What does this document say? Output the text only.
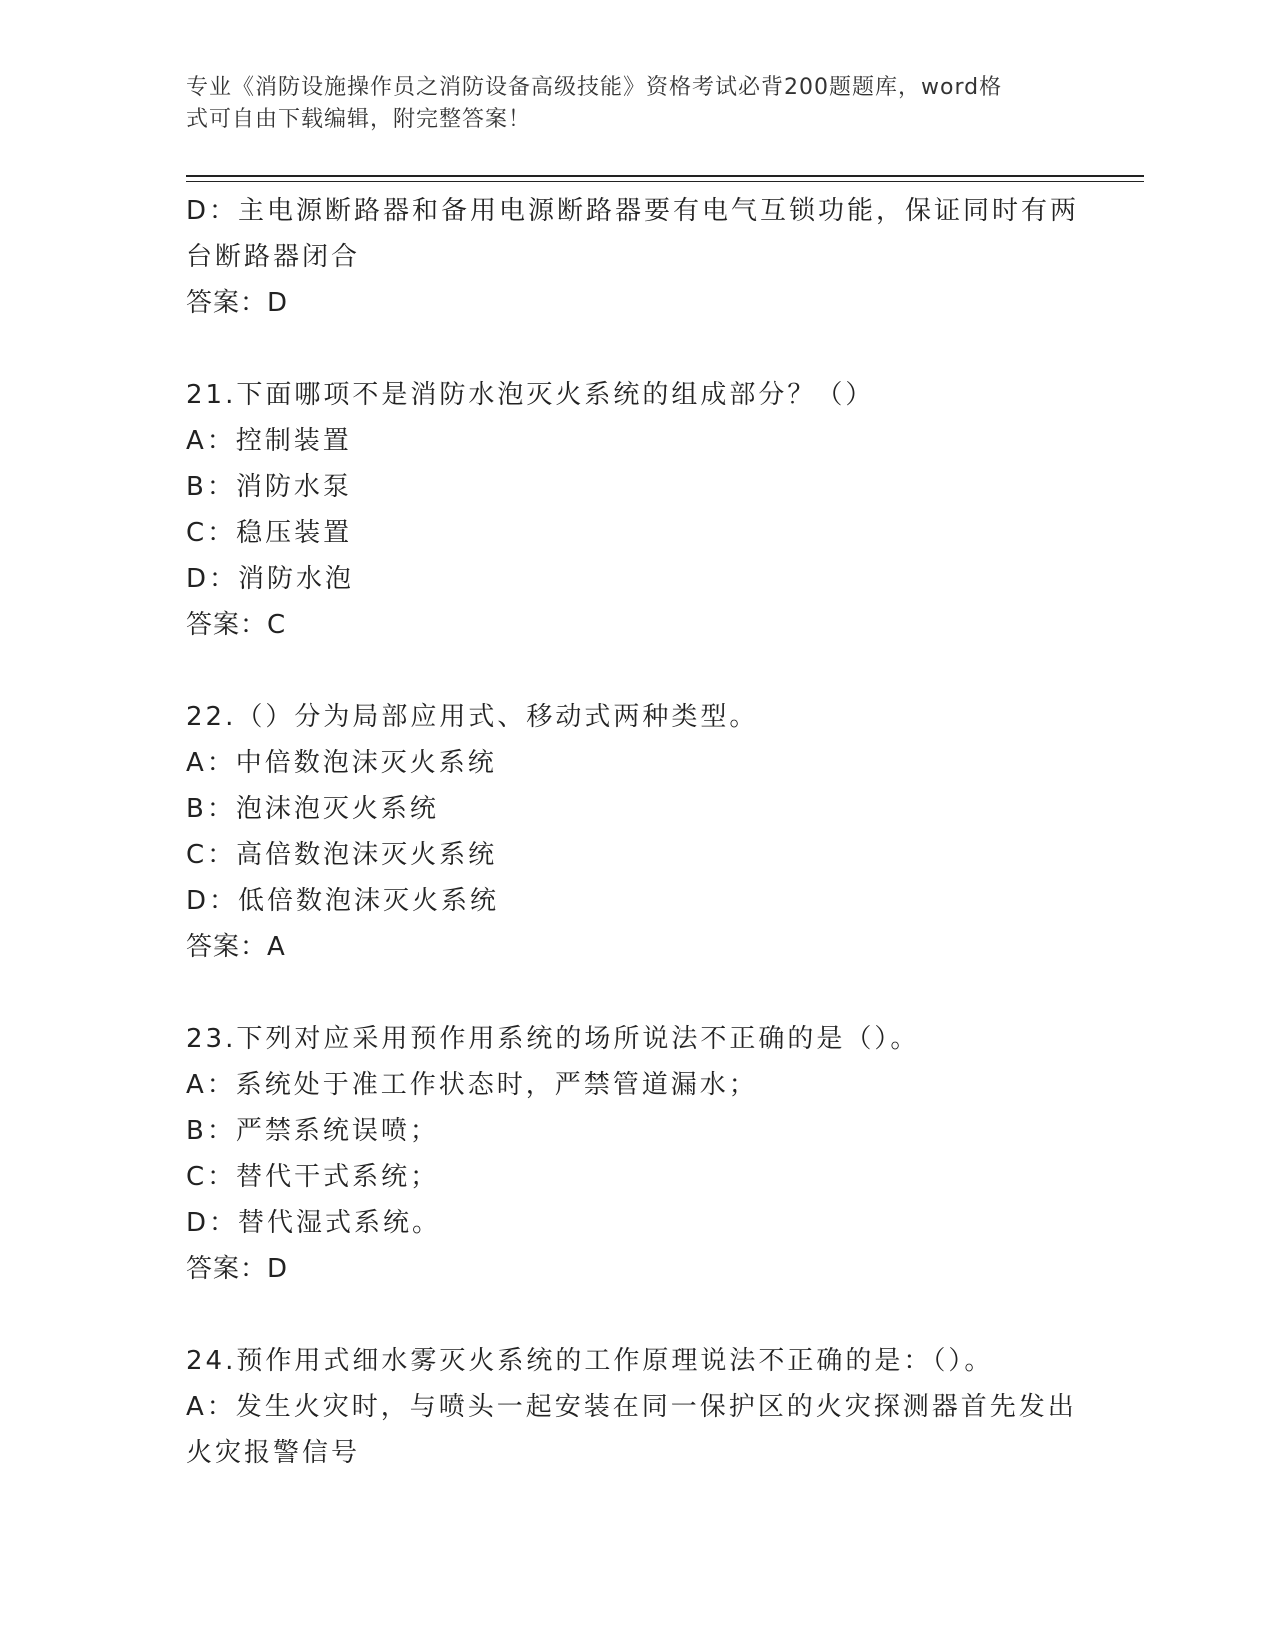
专业《消防设施操作员之消防设备高级技能》资格考试必背200题题库，word格
式可自由下载编辑，附完整答案！
D：主电源断路器和备用电源断路器要有电气互锁功能，保证同时有两
台断路器闭合
答案：D
21.下面哪项不是消防水泡灭火系统的组成部分？（）
A：控制装置
B：消防水泵
C：稳压装置
D：消防水泡
答案：C
22.（）分为局部应用式、移动式两种类型。
A：中倍数泡沫灭火系统
B：泡沫泡灭火系统
C：高倍数泡沫灭火系统
D：低倍数泡沫灭火系统
答案：A
23.下列对应采用预作用系统的场所说法不正确的是（）。
A：系统处于准工作状态时，严禁管道漏水；
B：严禁系统误喷；
C：替代干式系统；
D：替代湿式系统。
答案：D
24.预作用式细水雾灭火系统的工作原理说法不正确的是：（）。
A：发生火灾时，与喷头一起安装在同一保护区的火灾探测器首先发出
火灾报警信号
